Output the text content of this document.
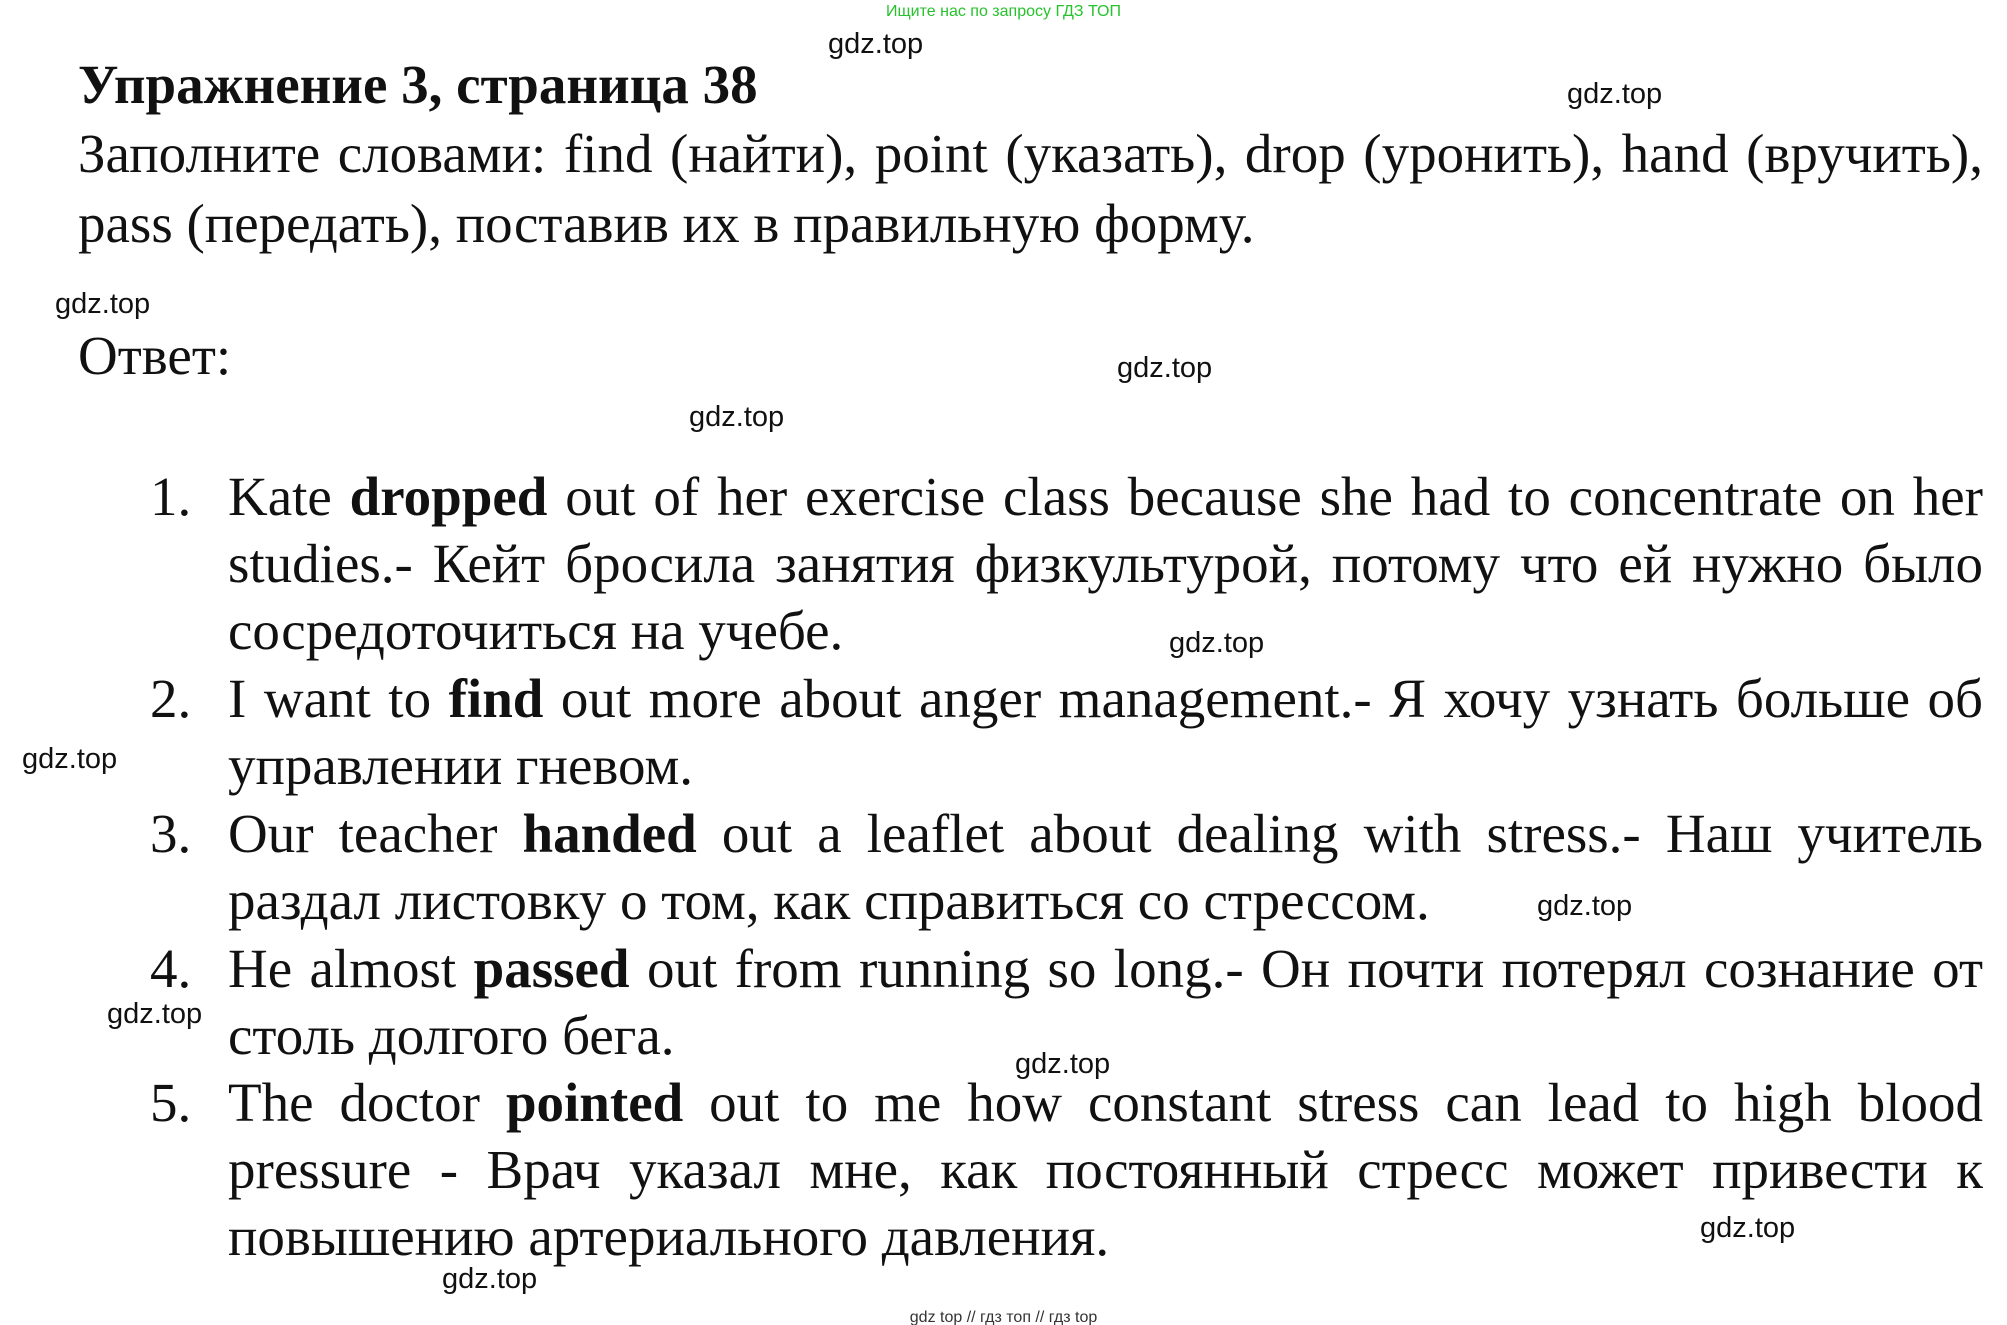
Ищите нас по запросу ГДЗ ТОП
Упражнение 3, страница 38
Заполните словами: find (найти), point (указать), drop (уронить), hand (вручить), pass (передать), поставив их в правильную форму.
Ответ:
1. Kate dropped out of her exercise class because she had to concentrate on her studies.- Кейт бросила занятия физкультурой, потому что ей нужно было сосредоточиться на учебе.
2. I want to find out more about anger management.- Я хочу узнать больше об управлении гневом.
3. Our teacher handed out a leaflet about dealing with stress.- Наш учитель раздал листовку о том, как справиться со стрессом.
4. He almost passed out from running so long.- Он почти потерял сознание от столь долгого бега.
5. The doctor pointed out to me how constant stress can lead to high blood pressure - Врач указал мне, как постоянный стресс может привести к повышению артериального давления.
gdz.top
gdz.top
gdz.top
gdz.top
gdz.top
gdz.top
gdz.top
gdz.top
gdz.top
gdz.top
gdz.top
gdz.top
gdz top // гдз топ // гдз top
